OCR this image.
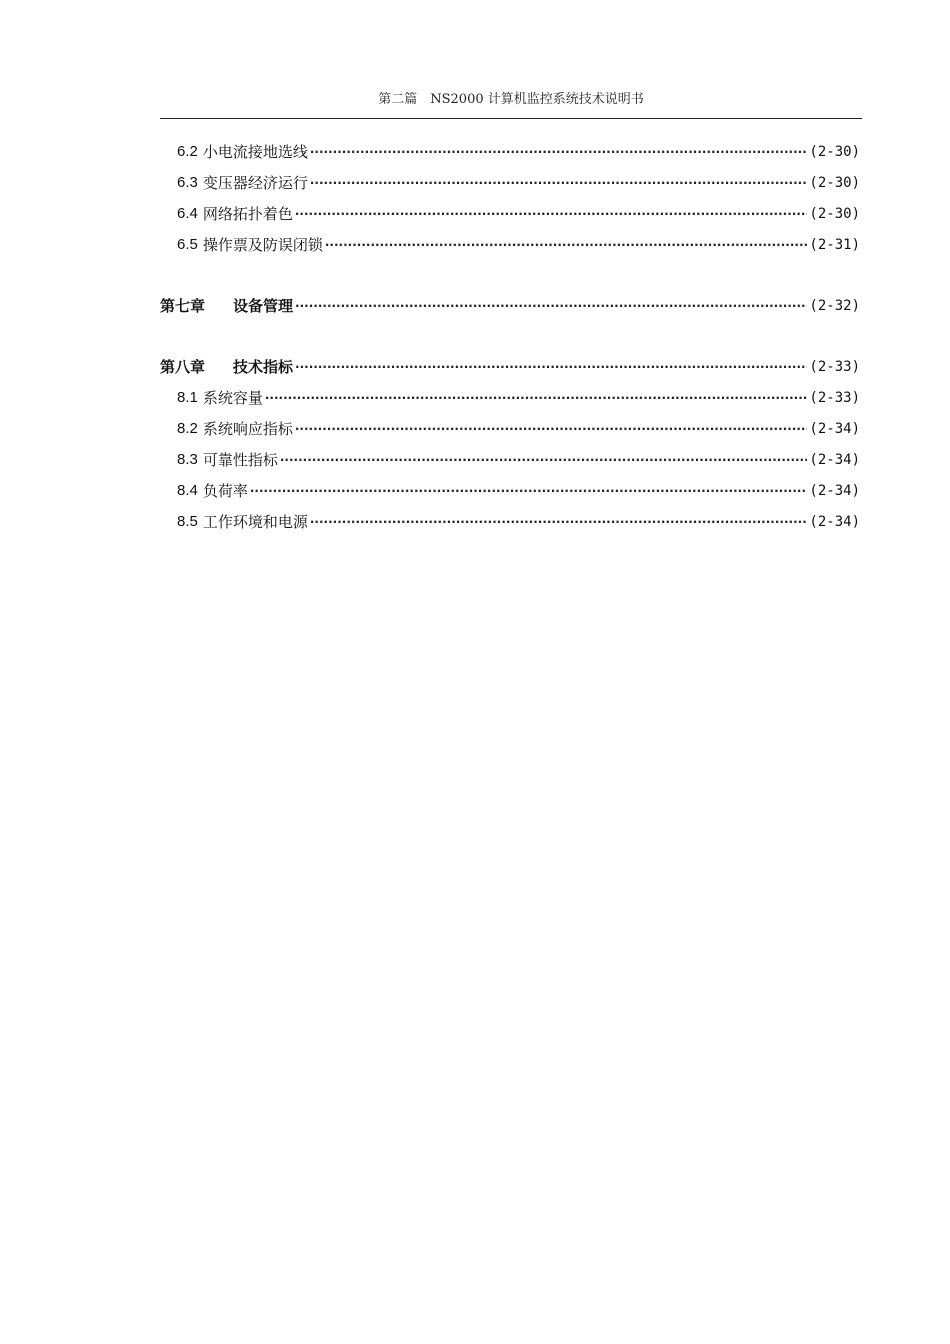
第二篇　NS2000 计算机监控系统技术说明书
6.2 小电流接地选线 ·····	(2-30)
6.3 变压器经济运行 ·····	(2-30)
6.4 网络拓扑着色 ·····	(2-30)
6.5 操作票及防误闭锁 ·····	(2-31)
第七章 设备管理 ·····	(2-32)
第八章 技术指标 ·····	(2-33)
8.1 系统容量 ·····	(2-33)
8.2 系统响应指标 ·····	(2-34)
8.3 可靠性指标 ·····	(2-34)
8.4 负荷率 ·····	(2-34)
8.5 工作环境和电源 ·····	(2-34)
